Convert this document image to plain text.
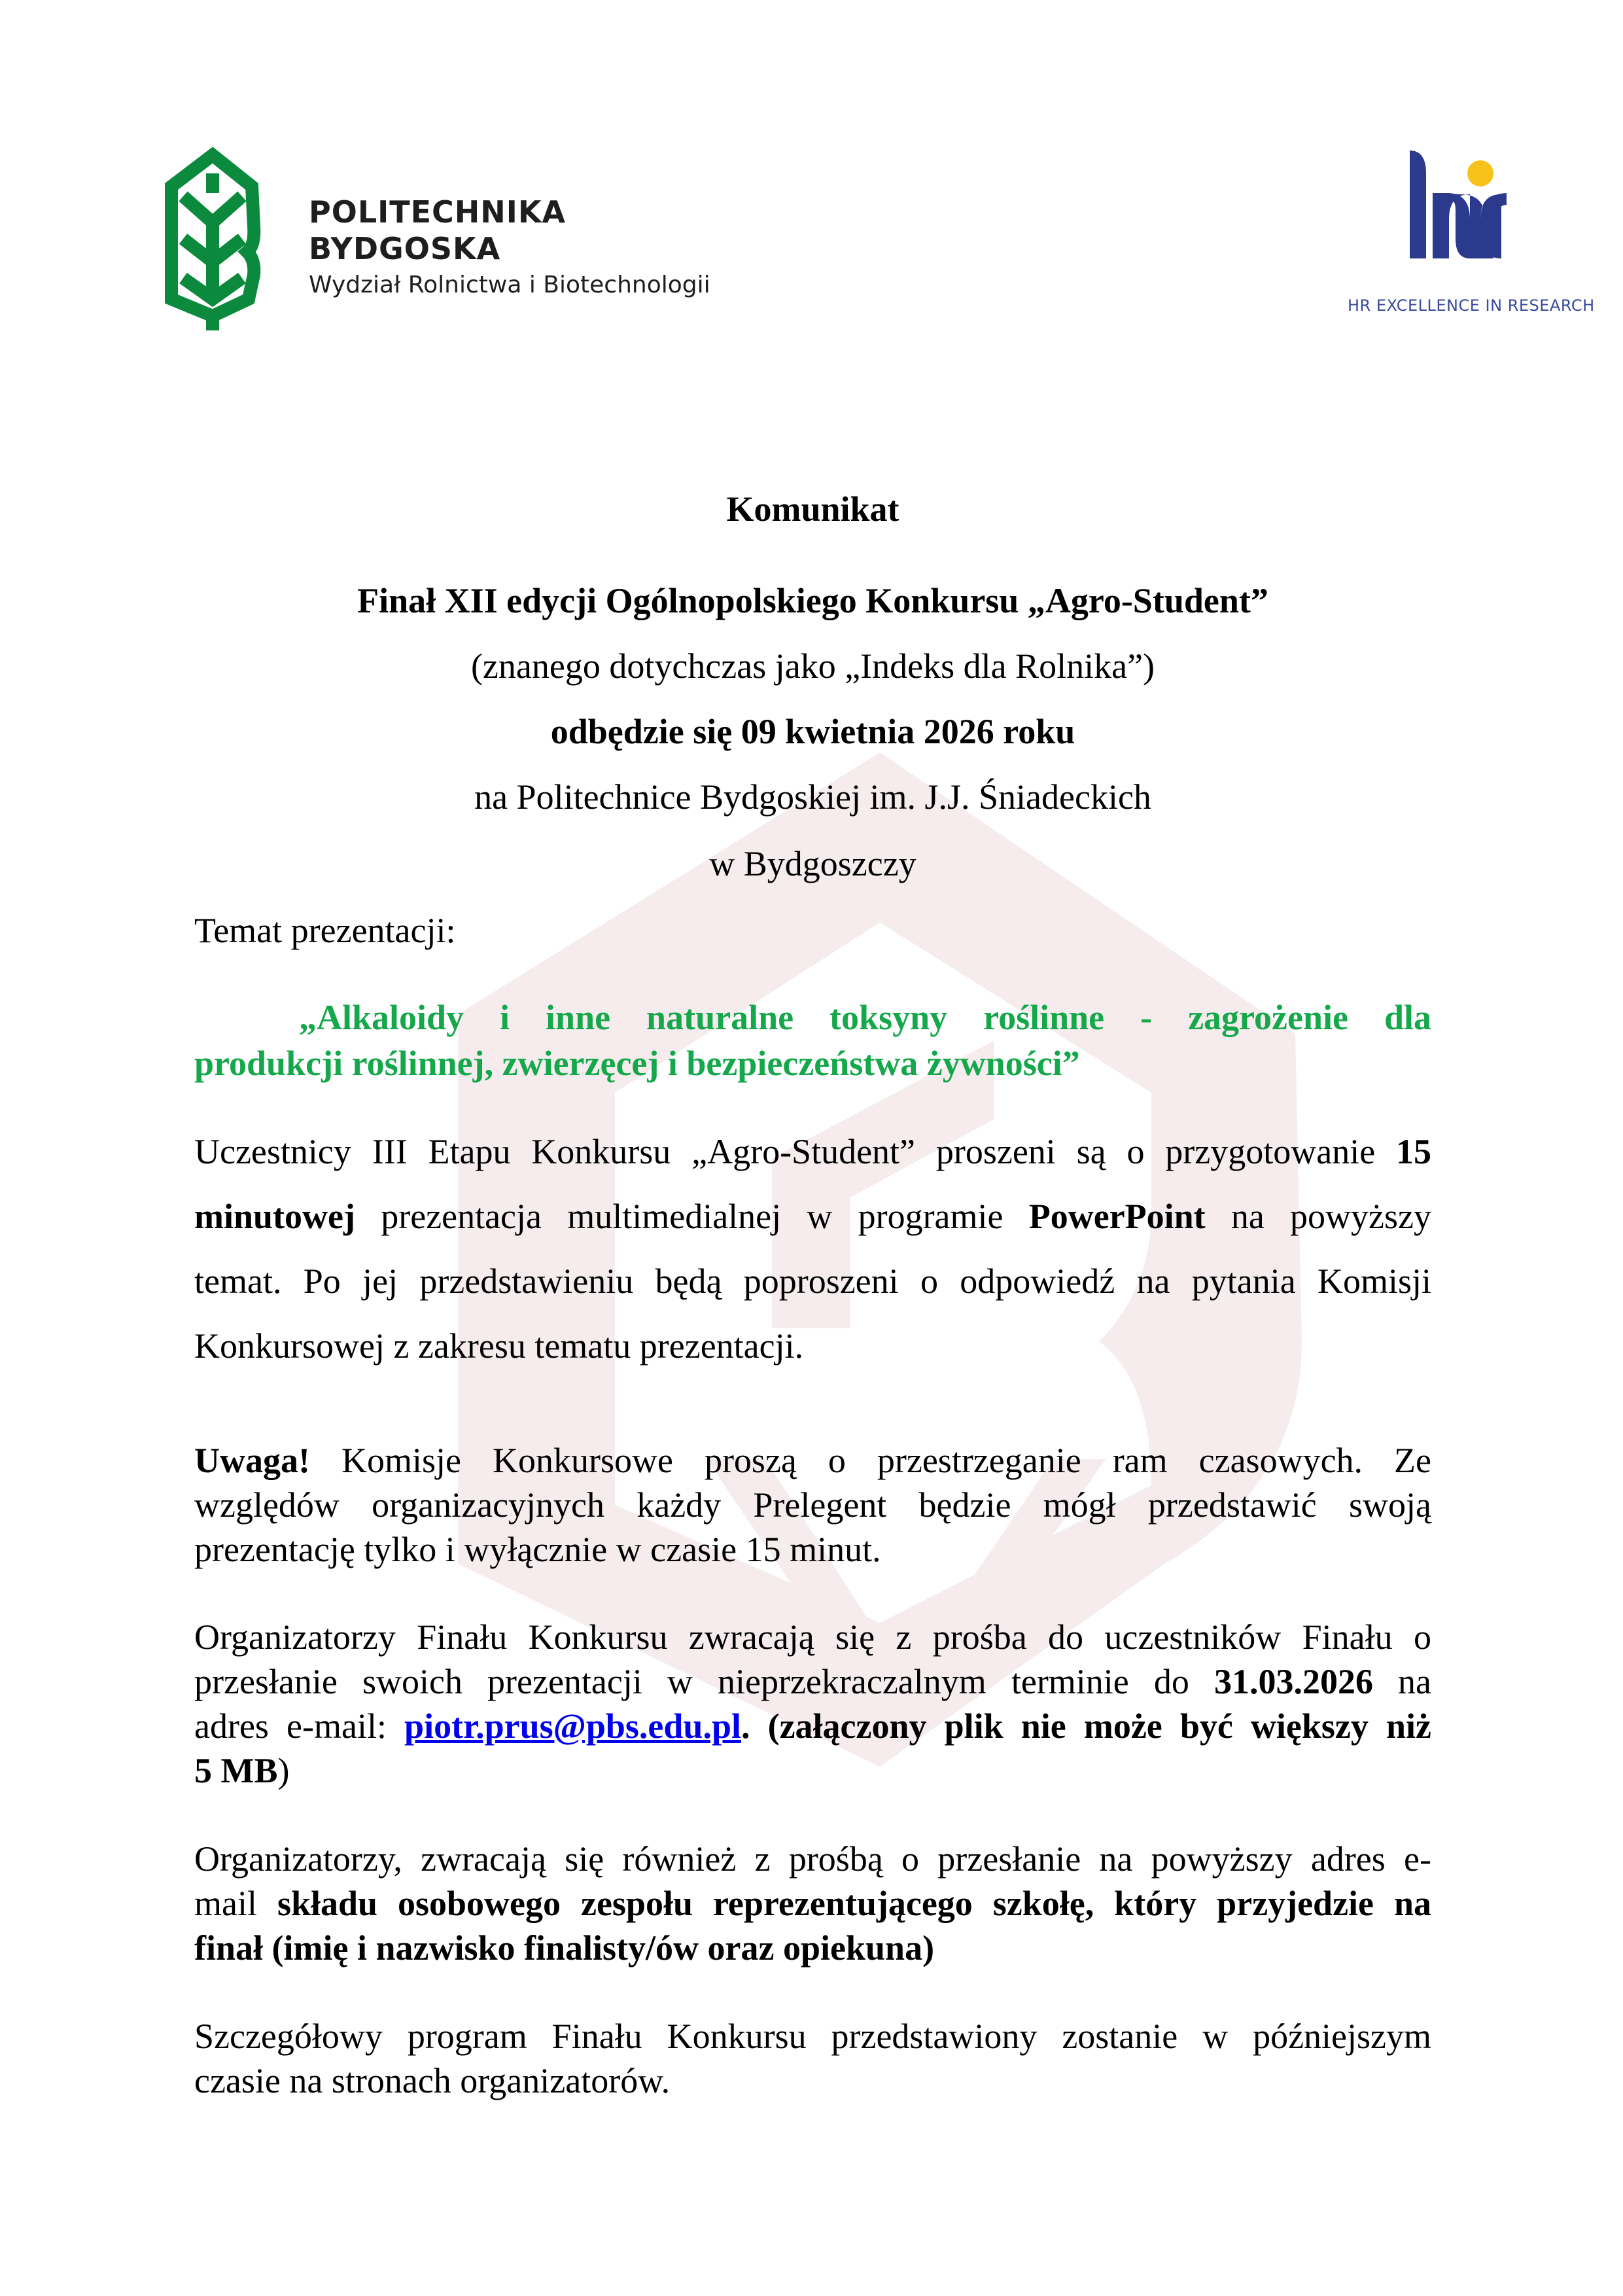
POLITECHNIKA
BYDGOSKA
Wydział Rolnictwa i Biotechnologii
HR EXCELLENCE IN RESEARCH
Komunikat
Finał XII edycji Ogólnopolskiego Konkursu „Agro-Student”
(znanego dotychczas jako „Indeks dla Rolnika”)
odbędzie się 09 kwietnia 2026 roku
na Politechnice Bydgoskiej im. J.J. Śniadeckich
w Bydgoszczy
Temat prezentacji:
„Alkaloidy i inne naturalne toksyny roślinne - zagrożenie dla
produkcji roślinnej, zwierzęcej i bezpieczeństwa żywności”
Uczestnicy III Etapu Konkursu „Agro-Student” proszeni są o przygotowanie 15
minutowej prezentacja multimedialnej w programie PowerPoint na powyższy
temat. Po jej przedstawieniu będą poproszeni o odpowiedź na pytania Komisji
Konkursowej z zakresu tematu prezentacji.
Uwaga! Komisje Konkursowe proszą o przestrzeganie ram czasowych. Ze
względów organizacyjnych każdy Prelegent będzie mógł przedstawić swoją
prezentację tylko i wyłącznie w czasie 15 minut.
Organizatorzy Finału Konkursu zwracają się z prośba do uczestników Finału o
przesłanie swoich prezentacji w nieprzekraczalnym terminie do 31.03.2026 na
adres e-mail: piotr.prus@pbs.edu.pl. (załączony plik nie może być większy niż
5 MB)
Organizatorzy, zwracają się również z prośbą o przesłanie na powyższy adres e-
mail składu osobowego zespołu reprezentującego szkołę, który przyjedzie na
finał (imię i nazwisko finalisty/ów oraz opiekuna)
Szczegółowy program Finału Konkursu przedstawiony zostanie w późniejszym
czasie na stronach organizatorów.
